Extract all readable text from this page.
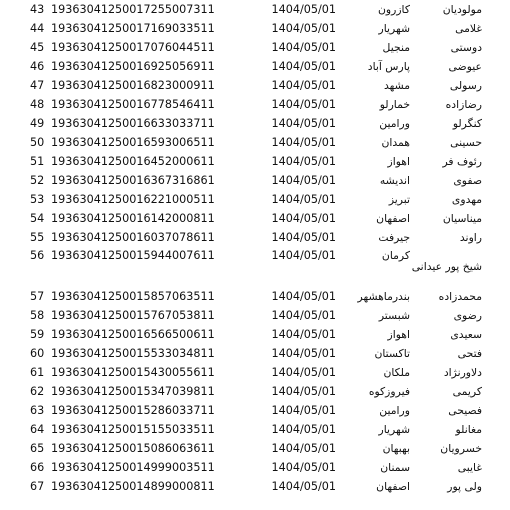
43	19363041250017255007311	1404/05/01	کازرون	مولودیان
44	19363041250017169033511	1404/05/01	شهریار	غلامی
45	19363041250017076044511	1404/05/01	منجیل	دوستی
46	19363041250016925056911	1404/05/01	پارس آباد	عیوضی
47	19363041250016823000911	1404/05/01	مشهد	رسولی
48	19363041250016778546411	1404/05/01	خمارلو	رضازاده
49	19363041250016633033711	1404/05/01	ورامین	کنگرلو
50	19363041250016593006511	1404/05/01	همدان	حسینی
51	19363041250016452000611	1404/05/01	اهواز	رئوف فر
52	19363041250016367316861	1404/05/01	اندیشه	صفوی
53	19363041250016221000511	1404/05/01	تبریز	مهدوی
54	19363041250016142000811	1404/05/01	اصفهان	میناسیان
55	19363041250016037078611	1404/05/01	جیرفت	راوند
56	19363041250015944007611	1404/05/01	کرمان	شیخ پور عیدانی
57	19363041250015857063511	1404/05/01	بندرماهشهر	محمدزاده
58	19363041250015767053811	1404/05/01	شبستر	رضوی
59	19363041250016566500611	1404/05/01	اهواز	سعیدی
60	19363041250015533034811	1404/05/01	تاکستان	فتحی
61	19363041250015430055611	1404/05/01	ملکان	دلاورنژاد
62	19363041250015347039811	1404/05/01	فیروزکوه	کریمی
63	19363041250015286033711	1404/05/01	ورامین	فصیحی
64	19363041250015155033511	1404/05/01	شهریار	مغانلو
65	19363041250015086063611	1404/05/01	بهبهان	خسرویان
66	19363041250014999003511	1404/05/01	سمنان	غایبی
67	19363041250014899000811	1404/05/01	اصفهان	ولی پور
